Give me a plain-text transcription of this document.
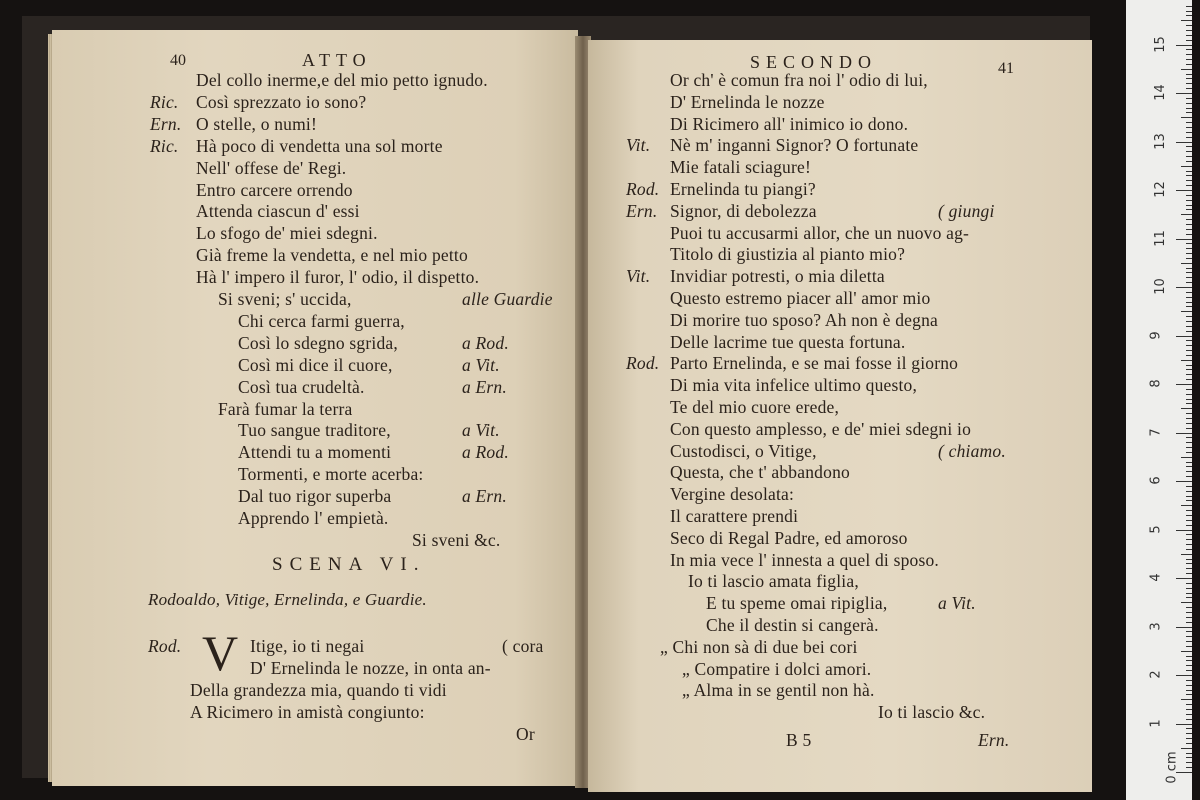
40	ATTO
Del collo inerme,e del mio petto ignudo.
Ric. Così sprezzato io sono?
Ern. O stelle, o numi!
Ric. Hà poco di vendetta una sol morte
Nell' offese de' Regi.
Entro carcere orrendo
Attenda ciascun d' essi
Lo sfogo de' miei sdegni.
Già freme la vendetta, e nel mio petto
Hà l' impero il furor, l' odio, il dispetto.
Si sveni; s' uccida,	alle Guardie
Chi cerca farmi guerra,
Così lo sdegno sgrida,	a Rod.
Così mi dice il cuore,	a Vit.
Così tua crudeltà.	a Ern.
Farà fumar la terra
Tuo sangue traditore,	a Vit.
Attendi tu a momenti	a Rod.
Tormenti, e morte acerba:
Dal tuo rigor superba	a Ern.
Apprendo l' empietà.
Si sveni &c.
SCENA VI.
Rodoaldo, Vitige, Ernelinda, e Guardie.
Rod. V Itige, io ti negai	( cora
D' Ernelinda le nozze, in onta an-
Della grandezza mia, quando ti vidi
A Ricimero in amistà congiunto:
Or
SECONDO	41
Or ch' è comun fra noi l' odio di lui,
D' Ernelinda le nozze
Di Ricimero all' inimico io dono.
Vit. Nè m' inganni Signor? O fortunate
Mie fatali sciagure!
Rod. Ernelinda tu piangi?
Ern. Signor, di debolezza	( giungi
Puoi tu accusarmi allor, che un nuovo ag-
Titolo di giustizia al pianto mio?
Vit. Invidiar potresti, o mia diletta
Questo estremo piacer all' amor mio
Di morire tuo sposo? Ah non è degna
Delle lacrime tue questa fortuna.
Rod. Parto Ernelinda, e se mai fosse il giorno
Di mia vita infelice ultimo questo,
Te del mio cuore erede,
Con questo amplesso, e de' miei sdegni io
Custodisci, o Vitige,	( chiamo.
Questa, che t' abbandono
Vergine desolata:
Il carattere prendi
Seco di Regal Padre, ed amoroso
In mia vece l' innesta a quel di sposo.
Io ti lascio amata figlia,
E tu speme omai ripiglia,	a Vit.
Che il destin si cangerà.
„ Chi non sà di due bei cori
„ Compatire i dolci amori.
„ Alma in se gentil non hà.
Io ti lascio &c.
B 5	Ern.
1
2
3
4
5
6
7
8
9
10
11
12
13
14
15
0 cm
